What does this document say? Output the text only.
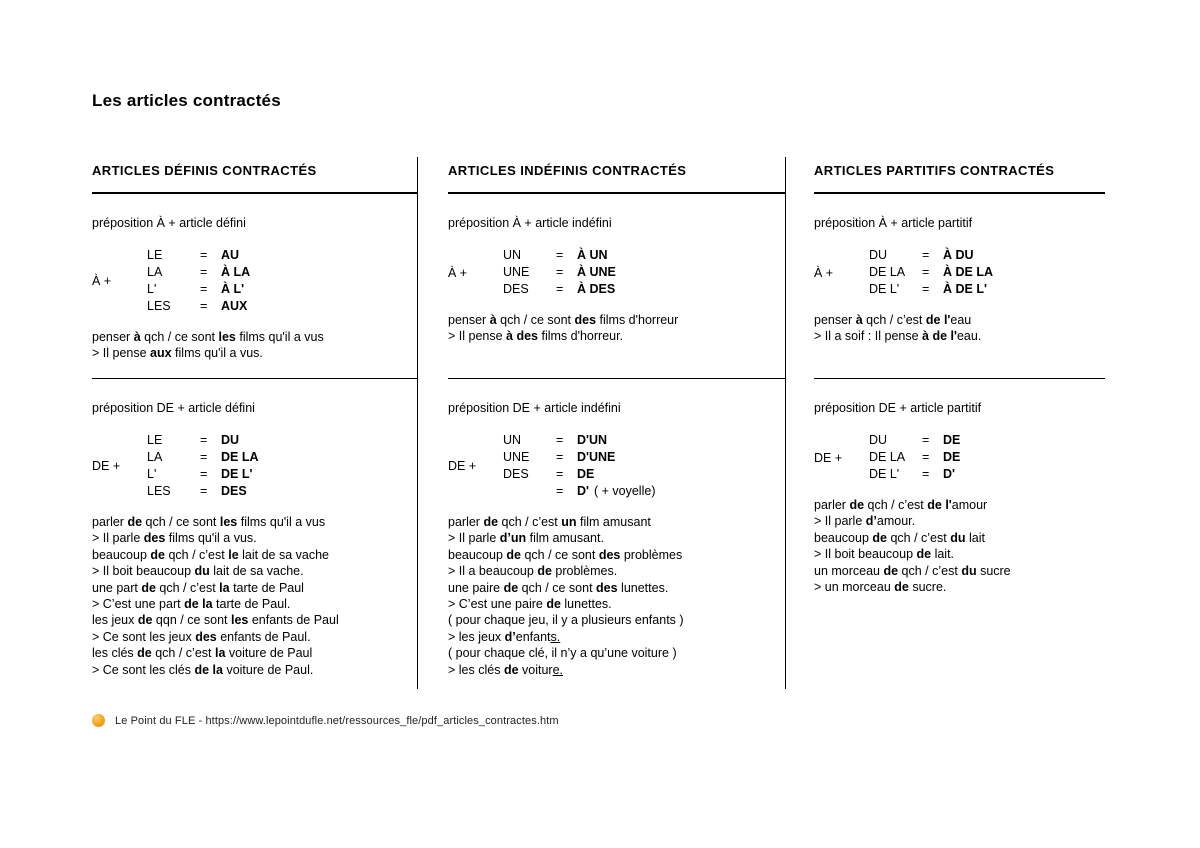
Les articles contractés
ARTICLES DÉFINIS CONTRACTÉS

préposition À + article défini

À +
LE	=	AU
LA	=	À LA
L'	=	À L'
LES	=	AUX

penser à qch / ce sont les films qu'il a vus

> Il pense aux films qu'il a vus.

préposition DE + article défini

DE +
LE	=	DU
LA	=	DE LA
L'	=	DE L'
LES	=	DES

parler de qch / ce sont les films qu'il a vus

> Il parle des films qu'il a vus.

beaucoup de qch / c’est le lait de sa vache

> Il boit beaucoup du lait de sa vache.

une part de qch / c’est la tarte de Paul

> C’est une part de la tarte de Paul.

les jeux de qqn / ce sont les enfants de Paul

> Ce sont les jeux des enfants de Paul.

les clés de qch / c’est la voiture de Paul

> Ce sont les clés de la voiture de Paul.

ARTICLES INDÉFINIS CONTRACTÉS

préposition À + article indéfini

À +
UN	=	À UN
UNE	=	À UNE
DES	=	À DES

penser à qch / ce sont des films d'horreur

> Il pense à des films d'horreur.

préposition DE + article indéfini

DE +
UN	=	D'UN
UNE	=	D'UNE
DES	=	DE
=	D' ( + voyelle)

parler de qch / c’est un film amusant

> Il parle d’un film amusant.

beaucoup de qch / ce sont des problèmes

> Il a beaucoup de problèmes.

une paire de qch / ce sont des lunettes.

> C’est une paire de lunettes.

( pour chaque jeu, il y a plusieurs enfants )

> les jeux d’enfants.

( pour chaque clé, il n’y a qu’une voiture )

> les clés de voiture.

ARTICLES PARTITIFS CONTRACTÉS

préposition À + article partitif

À +
DU	=	À DU
DE LA	=	À DE LA
DE L'	=	À DE L'

penser à qch / c’est de l'eau

> Il a soif : Il pense à de l'eau.

préposition DE + article partitif

DE +
DU	=	DE
DE LA	=	DE
DE L'	=	D'

parler de qch / c’est de l'amour

> Il parle d’amour.

beaucoup de qch / c’est du lait

> Il boit beaucoup de lait.

un morceau de qch / c’est du sucre

> un morceau de sucre.

Le Point du FLE - https://www.lepointdufle.net/ressources_fle/pdf_articles_contractes.htm
